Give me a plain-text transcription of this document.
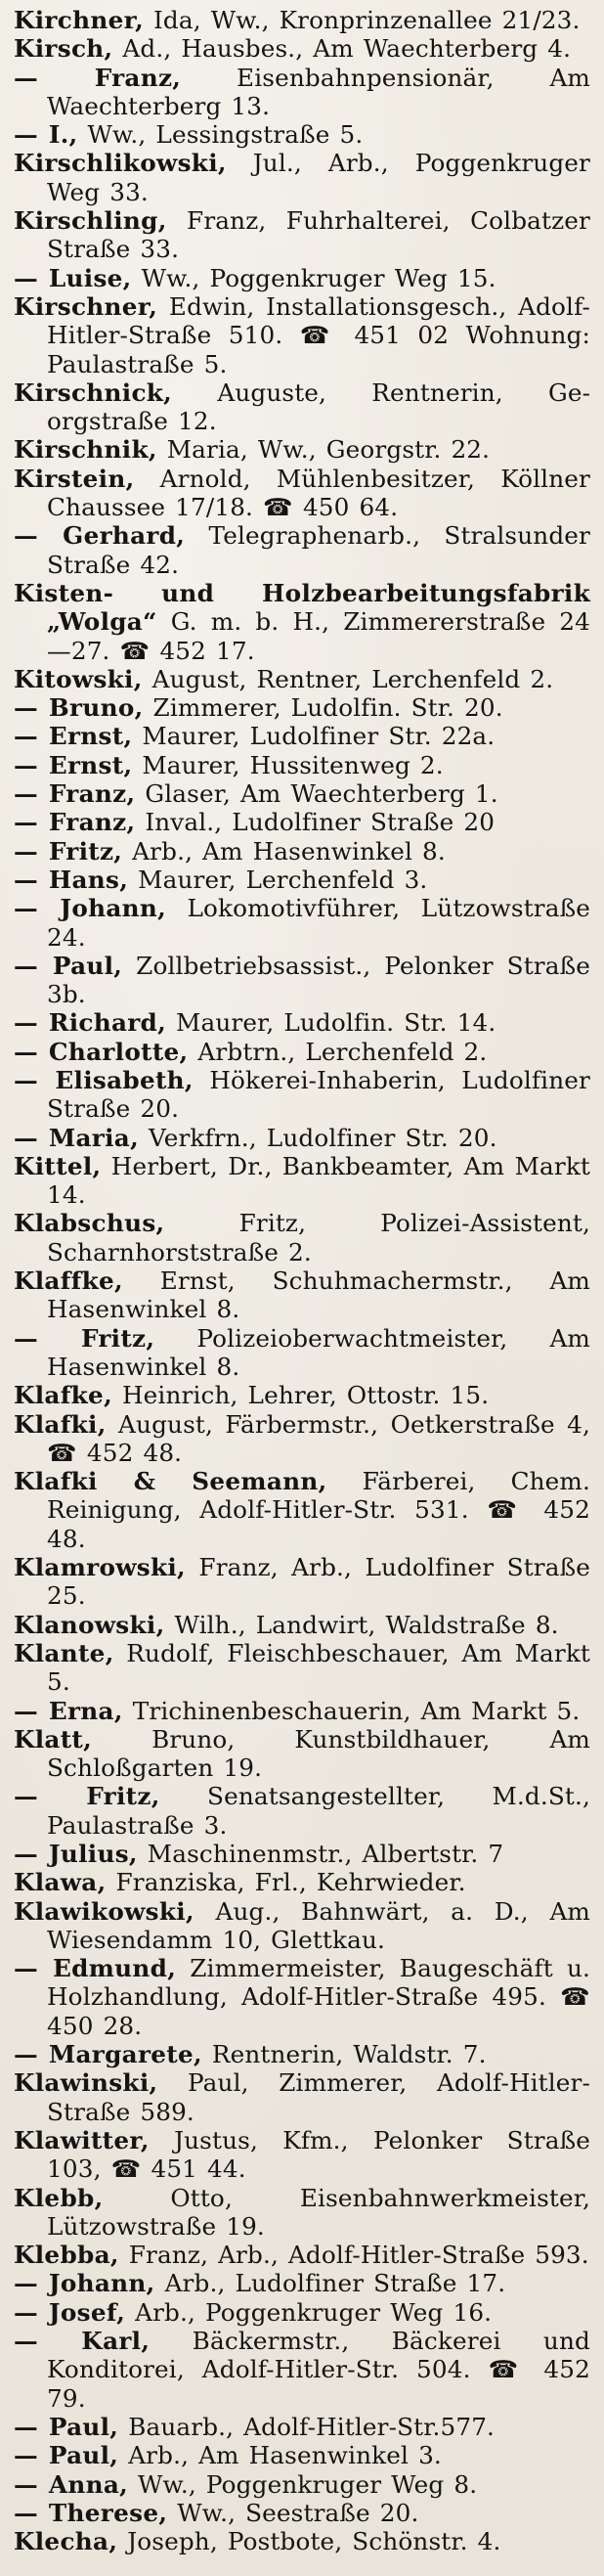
Kirchner, Ida, Ww., Kronprinzenallee 21/23.
Kirsch, Ad., Hausbes., Am Waechterberg 4.
— Franz, Eisenbahnpensionär, Am Waechterberg 13.
— I., Ww., Lessingstraße 5.
Kirschlikowski, Jul., Arb., Poggenkruger Weg 33.
Kirschling, Franz, Fuhrhalterei, Colbatzer Straße 33.
— Luise, Ww., Poggenkruger Weg 15.
Kirschner, Edwin, Installationsgesch., Adolf-Hitler-Straße 510. ☎ 451 02 Wohnung: Paulastraße 5.
Kirschnick, Auguste, Rentnerin, Georgstraße 12.
Kirschnik, Maria, Ww., Georgstr. 22.
Kirstein, Arnold, Mühlenbesitzer, Köllner Chaussee 17/18. ☎ 450 64.
— Gerhard, Telegraphenarb., Stralsunder Straße 42.
Kisten- und Holzbearbeitungsfabrik „Wolga“ G. m. b. H., Zimmererstraße 24—27. ☎ 452 17.
Kitowski, August, Rentner, Lerchenfeld 2.
— Bruno, Zimmerer, Ludolfin. Str. 20.
— Ernst, Maurer, Ludolfiner Str. 22a.
— Ernst, Maurer, Hussitenweg 2.
— Franz, Glaser, Am Waechterberg 1.
— Franz, Inval., Ludolfiner Straße 20
— Fritz, Arb., Am Hasenwinkel 8.
— Hans, Maurer, Lerchenfeld 3.
— Johann, Lokomotivführer, Lützowstraße 24.
— Paul, Zollbetriebsassist., Pelonker Straße 3b.
— Richard, Maurer, Ludolfin. Str. 14.
— Charlotte, Arbtrn., Lerchenfeld 2.
— Elisabeth, Hökerei-Inhaberin, Ludolfiner Straße 20.
— Maria, Verkfrn., Ludolfiner Str. 20.
Kittel, Herbert, Dr., Bankbeamter, Am Markt 14.
Klabschus, Fritz, Polizei-Assistent, Scharnhorststraße 2.
Klaffke, Ernst, Schuhmachermstr., Am Hasenwinkel 8.
— Fritz, Polizeioberwachtmeister, Am Hasenwinkel 8.
Klafke, Heinrich, Lehrer, Ottostr. 15.
Klafki, August, Färbermstr., Oetkerstraße 4, ☎ 452 48.
Klafki & Seemann, Färberei, Chem. Reinigung, Adolf-Hitler-Str. 531. ☎ 452 48.
Klamrowski, Franz, Arb., Ludolfiner Straße 25.
Klanowski, Wilh., Landwirt, Waldstraße 8.
Klante, Rudolf, Fleischbeschauer, Am Markt 5.
— Erna, Trichinenbeschauerin, Am Markt 5.
Klatt, Bruno, Kunstbildhauer, Am Schloßgarten 19.
— Fritz, Senatsangestellter, M.d.St., Paulastraße 3.
— Julius, Maschinenmstr., Albertstr. 7
Klawa, Franziska, Frl., Kehrwieder.
Klawikowski, Aug., Bahnwärt, a. D., Am Wiesendamm 10, Glettkau.
— Edmund, Zimmermeister, Baugeschäft u. Holzhandlung, Adolf-Hitler-Straße 495. ☎ 450 28.
— Margarete, Rentnerin, Waldstr. 7.
Klawinski, Paul, Zimmerer, Adolf-Hitler-Straße 589.
Klawitter, Justus, Kfm., Pelonker Straße 103, ☎ 451 44.
Klebb, Otto, Eisenbahnwerkmeister, Lützowstraße 19.
Klebba, Franz, Arb., Adolf-Hitler-Straße 593.
— Johann, Arb., Ludolfiner Straße 17.
— Josef, Arb., Poggenkruger Weg 16.
— Karl, Bäckermstr., Bäckerei und Konditorei, Adolf-Hitler-Str. 504. ☎ 452 79.
— Paul, Bauarb., Adolf-Hitler-Str.577.
— Paul, Arb., Am Hasenwinkel 3.
— Anna, Ww., Poggenkruger Weg 8.
— Therese, Ww., Seestraße 20.
Klecha, Joseph, Postbote, Schönstr. 4.
